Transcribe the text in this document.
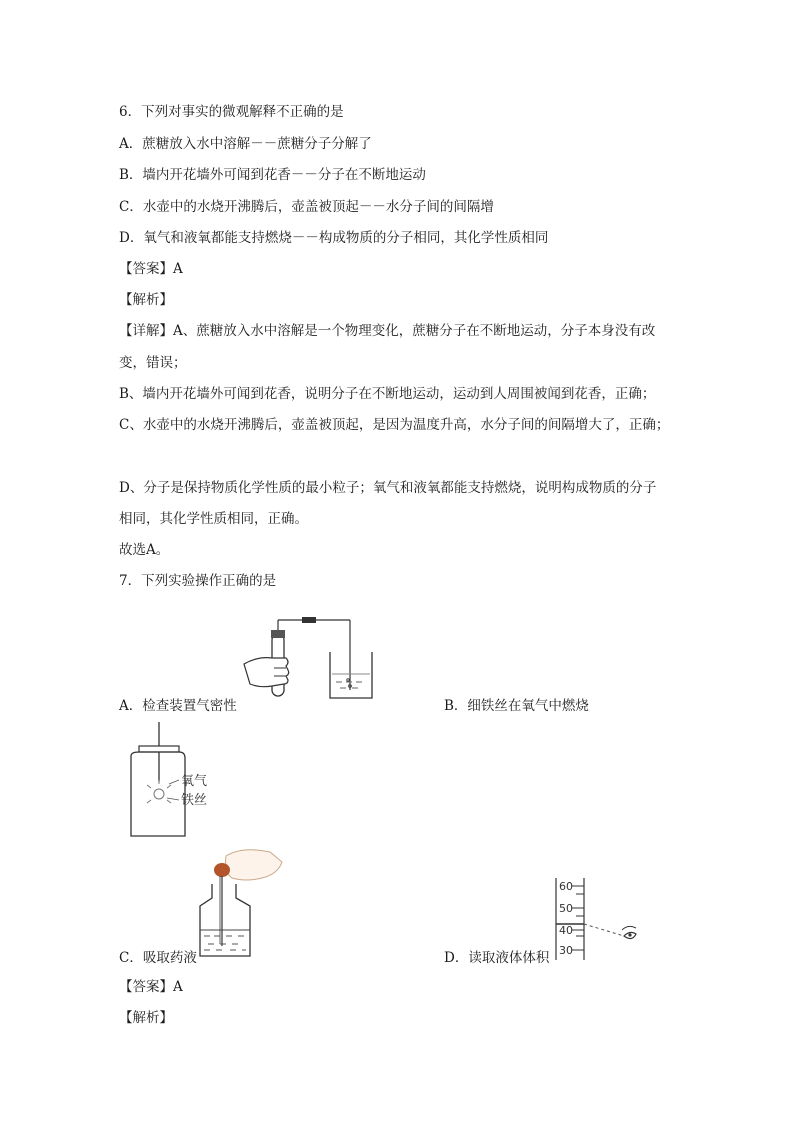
6．下列对事实的微观解释不正确的是
A．蔗糖放入水中溶解－－蔗糖分子分解了
B．墙内开花墙外可闻到花香－－分子在不断地运动
C．水壶中的水烧开沸腾后，壶盖被顶起－－水分子间的间隔增
D．氧气和液氧都能支持燃烧－－构成物质的分子相同，其化学性质相同
【答案】A
【解析】
【详解】A、蔗糖放入水中溶解是一个物理变化，蔗糖分子在不断地运动，分子本身没有改
变，错误；
B、墙内开花墙外可闻到花香，说明分子在不断地运动，运动到人周围被闻到花香，正确；
C、水壶中的水烧开沸腾后，壶盖被顶起，是因为温度升高，水分子间的间隔增大了，正确；
D、分子是保持物质化学性质的最小粒子；氧气和液氧都能支持燃烧，说明构成物质的分子
相同，其化学性质相同，正确。
故选A。
7．下列实验操作正确的是
A．检查装置气密性	B．细铁丝在氧气中燃烧
氧气
铁丝
C．吸取药液
60
50
40
30
D．读取液体体积
【答案】A
【解析】
